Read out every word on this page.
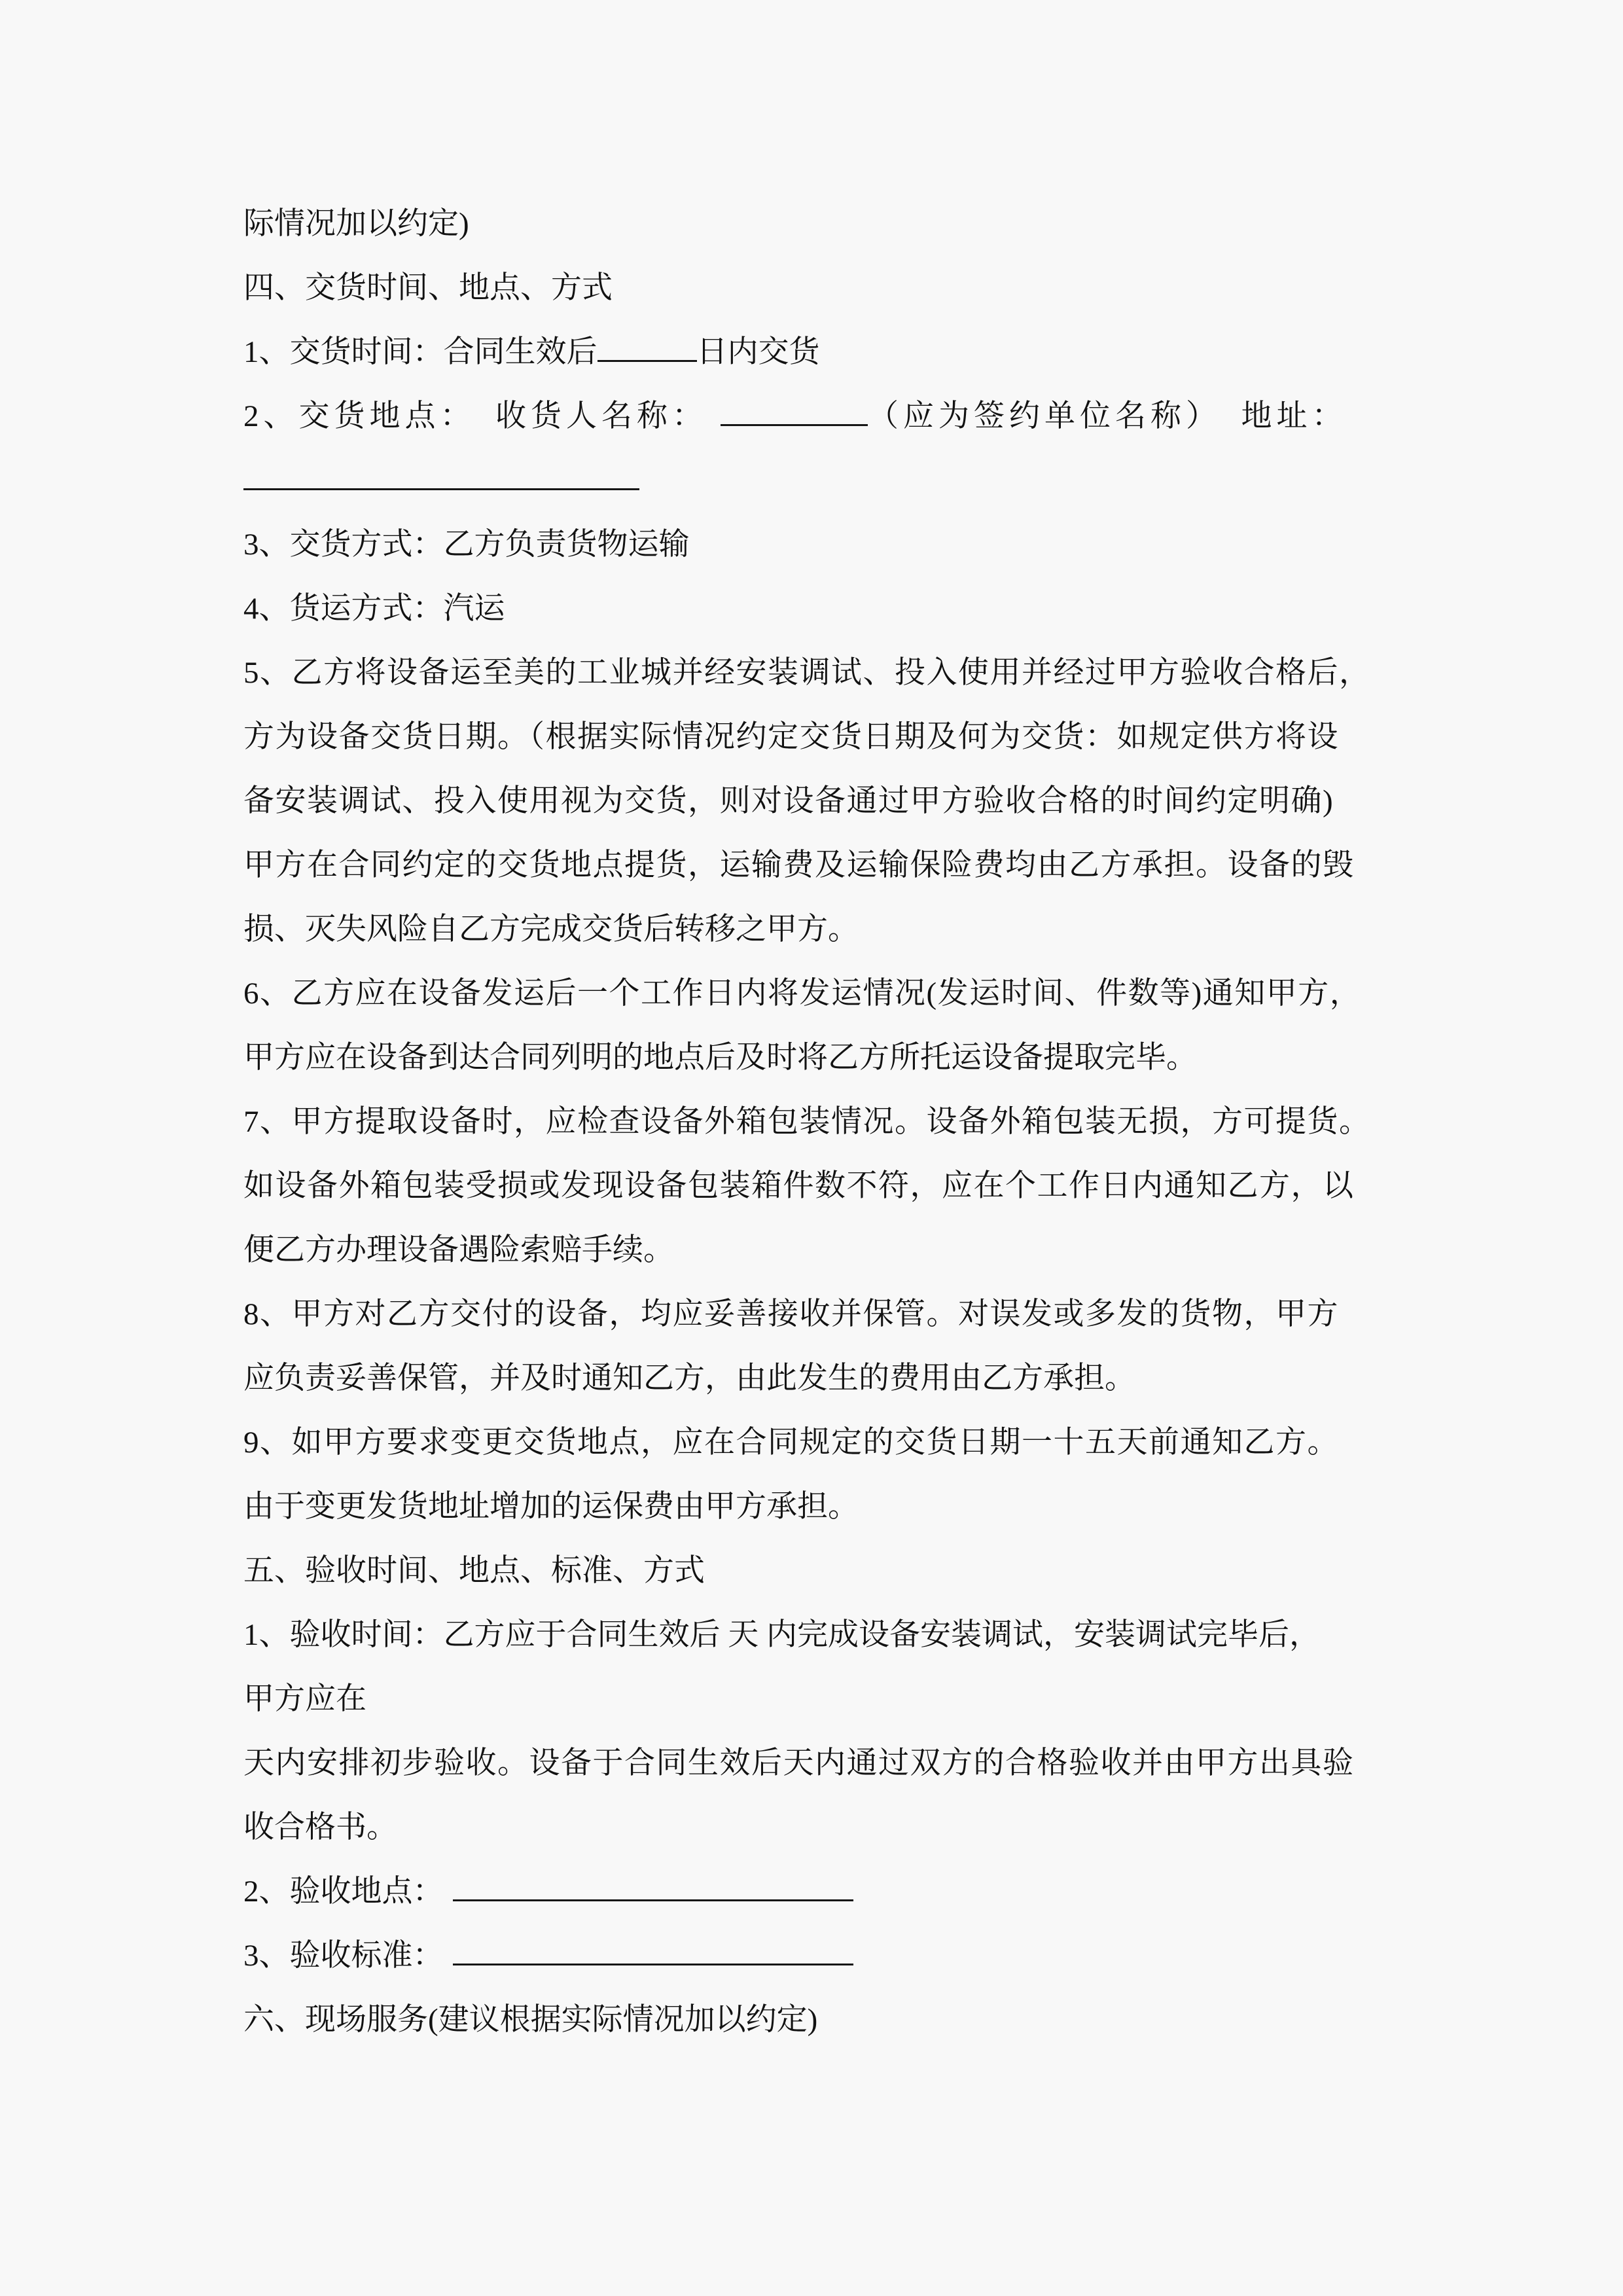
际情况加以约定)
四、交货时间、地点、方式
1、交货时间：合同生效后	日内交货
2、交货地点：　收货人名称：	（应为签约单位名称）　地址：
3、交货方式：乙方负责货物运输
4、货运方式：汽运
5、乙方将设备运至美的工业城并经安装调试、投入使用并经过甲方验收合格后，
方为设备交货日期。（根据实际情况约定交货日期及何为交货：如规定供方将设
备安装调试、投入使用视为交货，则对设备通过甲方验收合格的时间约定明确)
甲方在合同约定的交货地点提货，运输费及运输保险费均由乙方承担。设备的毁
损、灭失风险自乙方完成交货后转移之甲方。
6、乙方应在设备发运后一个工作日内将发运情况(发运时间、件数等)通知甲方，
甲方应在设备到达合同列明的地点后及时将乙方所托运设备提取完毕。
7、甲方提取设备时，应检查设备外箱包装情况。设备外箱包装无损，方可提货。
如设备外箱包装受损或发现设备包装箱件数不符，应在个工作日内通知乙方，以
便乙方办理设备遇险索赔手续。
8、甲方对乙方交付的设备，均应妥善接收并保管。对误发或多发的货物，甲方
应负责妥善保管，并及时通知乙方，由此发生的费用由乙方承担。
9、如甲方要求变更交货地点，应在合同规定的交货日期一十五天前通知乙方。
由于变更发货地址增加的运保费由甲方承担。
五、验收时间、地点、标准、方式
1、验收时间：乙方应于合同生效后 天 内完成设备安装调试，安装调试完毕后，
甲方应在
天内安排初步验收。设备于合同生效后天内通过双方的合格验收并由甲方出具验
收合格书。
2、验收地点：
3、验收标准：
六、现场服务(建议根据实际情况加以约定)
